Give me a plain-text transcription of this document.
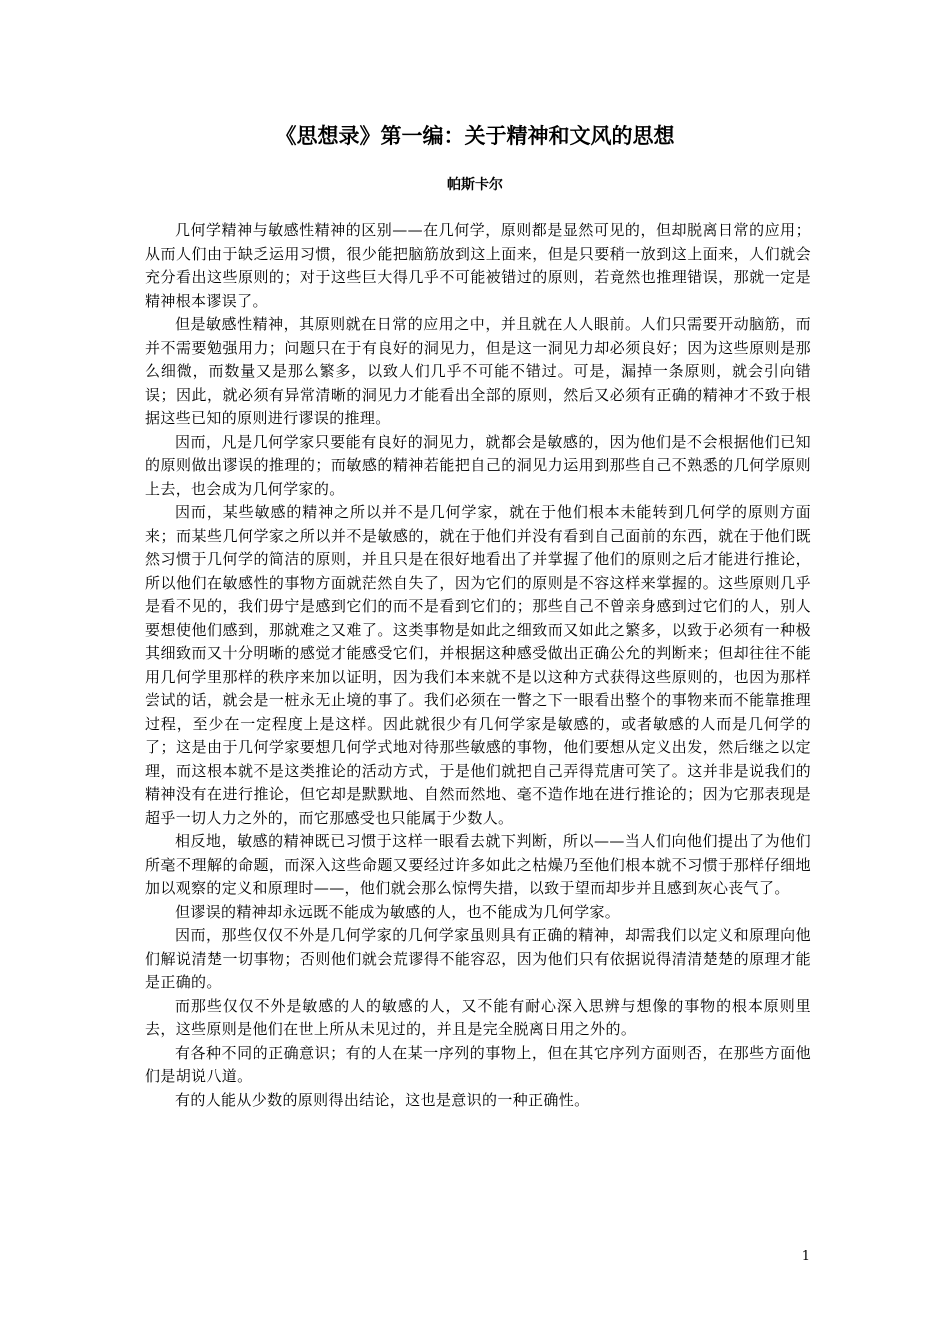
《思想录》第一编：关于精神和文风的思想
帕斯卡尔

几何学精神与敏感性精神的区别——在几何学，原则都是显然可见的，但却脱离日常的应用；从而人们由于缺乏运用习惯，很少能把脑筋放到这上面来，但是只要稍一放到这上面来，人们就会充分看出这些原则的；对于这些巨大得几乎不可能被错过的原则，若竟然也推理错误，那就一定是精神根本谬误了。

但是敏感性精神，其原则就在日常的应用之中，并且就在人人眼前。人们只需要开动脑筋，而并不需要勉强用力；问题只在于有良好的洞见力，但是这一洞见力却必须良好；因为这些原则是那么细微，而数量又是那么繁多，以致人们几乎不可能不错过。可是，漏掉一条原则，就会引向错误；因此，就必须有异常清晰的洞见力才能看出全部的原则，然后又必须有正确的精神才不致于根据这些已知的原则进行谬误的推理。

因而，凡是几何学家只要能有良好的洞见力，就都会是敏感的，因为他们是不会根据他们已知的原则做出谬误的推理的；而敏感的精神若能把自己的洞见力运用到那些自己不熟悉的几何学原则上去，也会成为几何学家的。

因而，某些敏感的精神之所以并不是几何学家，就在于他们根本未能转到几何学的原则方面来；而某些几何学家之所以并不是敏感的，就在于他们并没有看到自己面前的东西，就在于他们既然习惯于几何学的简洁的原则，并且只是在很好地看出了并掌握了他们的原则之后才能进行推论，所以他们在敏感性的事物方面就茫然自失了，因为它们的原则是不容这样来掌握的。这些原则几乎是看不见的，我们毋宁是感到它们的而不是看到它们的；那些自己不曾亲身感到过它们的人，别人要想使他们感到，那就难之又难了。这类事物是如此之细致而又如此之繁多，以致于必须有一种极其细致而又十分明晰的感觉才能感受它们，并根据这种感受做出正确公允的判断来；但却往往不能用几何学里那样的秩序来加以证明，因为我们本来就不是以这种方式获得这些原则的，也因为那样尝试的话，就会是一桩永无止境的事了。我们必须在一瞥之下一眼看出整个的事物来而不能靠推理过程，至少在一定程度上是这样。因此就很少有几何学家是敏感的，或者敏感的人而是几何学的了；这是由于几何学家要想几何学式地对待那些敏感的事物，他们要想从定义出发，然后继之以定理，而这根本就不是这类推论的活动方式，于是他们就把自己弄得荒唐可笑了。这并非是说我们的精神没有在进行推论，但它却是默默地、自然而然地、毫不造作地在进行推论的；因为它那表现是超乎一切人力之外的，而它那感受也只能属于少数人。

相反地，敏感的精神既已习惯于这样一眼看去就下判断，所以——当人们向他们提出了为他们所毫不理解的命题，而深入这些命题又要经过许多如此之枯燥乃至他们根本就不习惯于那样仔细地加以观察的定义和原理时——，他们就会那么惊愕失措，以致于望而却步并且感到灰心丧气了。

但谬误的精神却永远既不能成为敏感的人，也不能成为几何学家。

因而，那些仅仅不外是几何学家的几何学家虽则具有正确的精神，却需我们以定义和原理向他们解说清楚一切事物；否则他们就会荒谬得不能容忍，因为他们只有依据说得清清楚楚的原理才能是正确的。

而那些仅仅不外是敏感的人的敏感的人，又不能有耐心深入思辨与想像的事物的根本原则里去，这些原则是他们在世上所从未见过的，并且是完全脱离日用之外的。

有各种不同的正确意识；有的人在某一序列的事物上，但在其它序列方面则否，在那些方面他们是胡说八道。

有的人能从少数的原则得出结论，这也是意识的一种正确性。

1
